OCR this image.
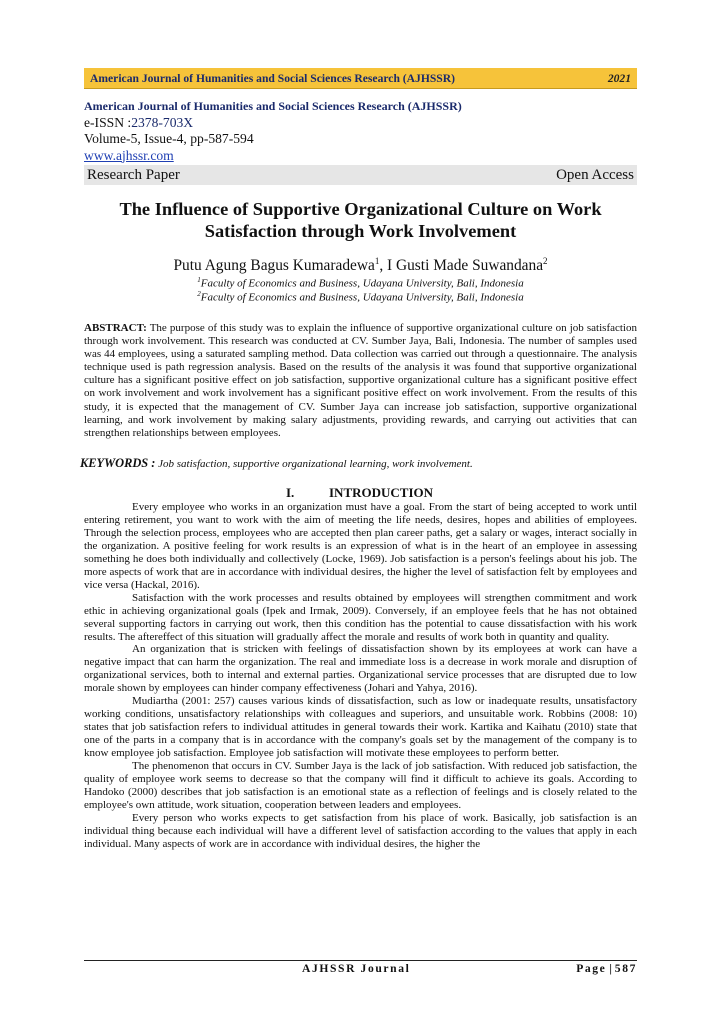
American Journal of Humanities and Social Sciences Research (AJHSSR)	2021
American Journal of Humanities and Social Sciences Research (AJHSSR)
e-ISSN :2378-703X
Volume-5, Issue-4, pp-587-594
www.ajhssr.com
Research Paper	Open Access
The Influence of Supportive Organizational Culture on Work
Satisfaction through Work Involvement
Putu Agung Bagus Kumaradewa$^1$, I Gusti Made Suwandana$^2$
$^1$Faculty of Economics and Business, Udayana University, Bali, Indonesia
$^2$Faculty of Economics and Business, Udayana University, Bali, Indonesia
ABSTRACT: The purpose of this study was to explain the influence of supportive organizational culture on job satisfaction through work involvement. This research was conducted at CV. Sumber Jaya, Bali, Indonesia. The number of samples used was 44 employees, using a saturated sampling method. Data collection was carried out through a questionnaire. The analysis technique used is path regression analysis. Based on the results of the analysis it was found that supportive organizational culture has a significant positive effect on job satisfaction, supportive organizational culture has a significant positive effect on work involvement and work involvement has a significant positive effect on work involvement. From the results of this study, it is expected that the management of CV. Sumber Jaya can increase job satisfaction, supportive organizational learning, and work involvement by making salary adjustments, providing rewards, and carrying out activities that can strengthen relationships between employees.
KEYWORDS : Job satisfaction, supportive organizational learning, work involvement.
I.	INTRODUCTION

Every employee who works in an organization must have a goal. From the start of being accepted to work until entering retirement, you want to work with the aim of meeting the life needs, desires, hopes and abilities of employees. Through the selection process, employees who are accepted then plan career paths, get a salary or wages, interact socially in the organization. A positive feeling for work results is an expression of what is in the heart of an employee in assessing something he does both individually and collectively (Locke, 1969). Job satisfaction is a person's feelings about his job. The more aspects of work that are in accordance with individual desires, the higher the level of satisfaction felt by employees and vice versa (Hackal, 2016).

Satisfaction with the work processes and results obtained by employees will strengthen commitment and work ethic in achieving organizational goals (Ipek and Irmak, 2009). Conversely, if an employee feels that he has not obtained several supporting factors in carrying out work, then this condition has the potential to cause dissatisfaction with his work results. The aftereffect of this situation will gradually affect the morale and results of work both in quantity and quality.

An organization that is stricken with feelings of dissatisfaction shown by its employees at work can have a negative impact that can harm the organization. The real and immediate loss is a decrease in work morale and disruption of organizational services, both to internal and external parties. Organizational service processes that are disrupted due to low morale shown by employees can hinder company effectiveness (Johari and Yahya, 2016).

Mudiartha (2001: 257) causes various kinds of dissatisfaction, such as low or inadequate results, unsatisfactory working conditions, unsatisfactory relationships with colleagues and superiors, and unsuitable work. Robbins (2008: 10) states that job satisfaction refers to individual attitudes in general towards their work. Kartika and Kaihatu (2010) state that one of the parts in a company that is in accordance with the company's goals set by the management of the company is to know employee job satisfaction. Employee job satisfaction will motivate these employees to perform better.

The phenomenon that occurs in CV. Sumber Jaya is the lack of job satisfaction. With reduced job satisfaction, the quality of employee work seems to decrease so that the company will find it difficult to achieve its goals. According to Handoko (2000) describes that job satisfaction is an emotional state as a reflection of feelings and is closely related to the employee's own attitude, work situation, cooperation between leaders and employees.

Every person who works expects to get satisfaction from his place of work. Basically, job satisfaction is an individual thing because each individual will have a different level of satisfaction according to the values that apply in each individual. Many aspects of work are in accordance with individual desires, the higher the

AJHSSR Journal	Page | 587
